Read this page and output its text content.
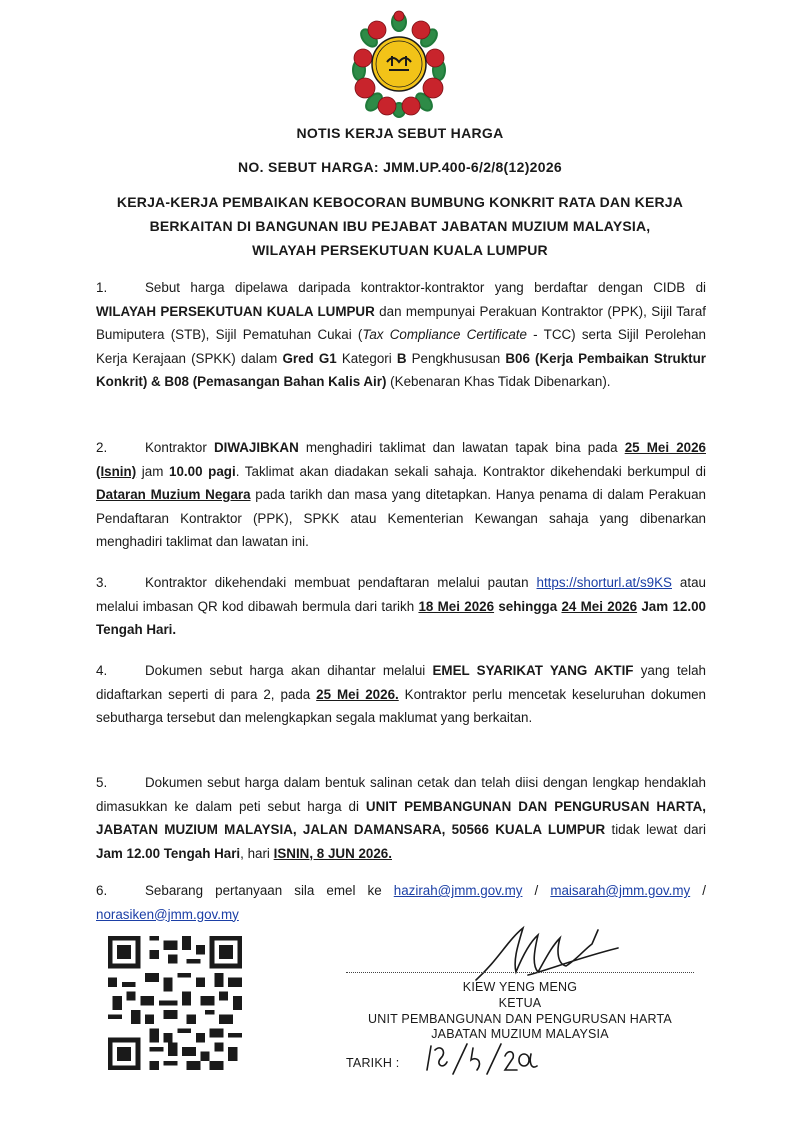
NOTIS KERJA SEBUT HARGA
NO. SEBUT HARGA: JMM.UP.400-6/2/8(12)2026
KERJA-KERJA PEMBAIKAN KEBOCORAN BUMBUNG KONKRIT RATA DAN KERJA
BERKAITAN DI BANGUNAN IBU PEJABAT JABATAN MUZIUM MALAYSIA,
WILAYAH PERSEKUTUAN KUALA LUMPUR
1.	Sebut harga dipelawa daripada kontraktor-kontraktor yang berdaftar dengan CIDB di WILAYAH PERSEKUTUAN KUALA LUMPUR dan mempunyai Perakuan Kontraktor (PPK), Sijil Taraf Bumiputera (STB), Sijil Pematuhan Cukai (Tax Compliance Certificate - TCC) serta Sijil Perolehan Kerja Kerajaan (SPKK) dalam Gred G1 Kategori B Pengkhususan B06 (Kerja Pembaikan Struktur Konkrit) & B08 (Pemasangan Bahan Kalis Air) (Kebenaran Khas Tidak Dibenarkan).
2.	Kontraktor DIWAJIBKAN menghadiri taklimat dan lawatan tapak bina pada 25 Mei 2026 (Isnin) jam 10.00 pagi. Taklimat akan diadakan sekali sahaja. Kontraktor dikehendaki berkumpul di Dataran Muzium Negara pada tarikh dan masa yang ditetapkan. Hanya penama di dalam Perakuan Pendaftaran Kontraktor (PPK), SPKK atau Kementerian Kewangan sahaja yang dibenarkan menghadiri taklimat dan lawatan ini.
3.	Kontraktor dikehendaki membuat pendaftaran melalui pautan https://shorturl.at/s9KS atau melalui imbasan QR kod dibawah bermula dari tarikh 18 Mei 2026 sehingga 24 Mei 2026 Jam 12.00 Tengah Hari.
4.	Dokumen sebut harga akan dihantar melalui EMEL SYARIKAT YANG AKTIF yang telah didaftarkan seperti di para 2, pada 25 Mei 2026. Kontraktor perlu mencetak keseluruhan dokumen sebutharga tersebut dan melengkapkan segala maklumat yang berkaitan.
5.	Dokumen sebut harga dalam bentuk salinan cetak dan telah diisi dengan lengkap hendaklah dimasukkan ke dalam peti sebut harga di UNIT PEMBANGUNAN DAN PENGURUSAN HARTA, JABATAN MUZIUM MALAYSIA, JALAN DAMANSARA, 50566 KUALA LUMPUR tidak lewat dari Jam 12.00 Tengah Hari, hari ISNIN, 8 JUN 2026.
6.	Sebarang pertanyaan sila emel ke hazirah@jmm.gov.my / maisarah@jmm.gov.my / norasiken@jmm.gov.my
KIEW YENG MENG
KETUA
UNIT PEMBANGUNAN DAN PENGURUSAN HARTA
JABATAN MUZIUM MALAYSIA
TARIKH :
